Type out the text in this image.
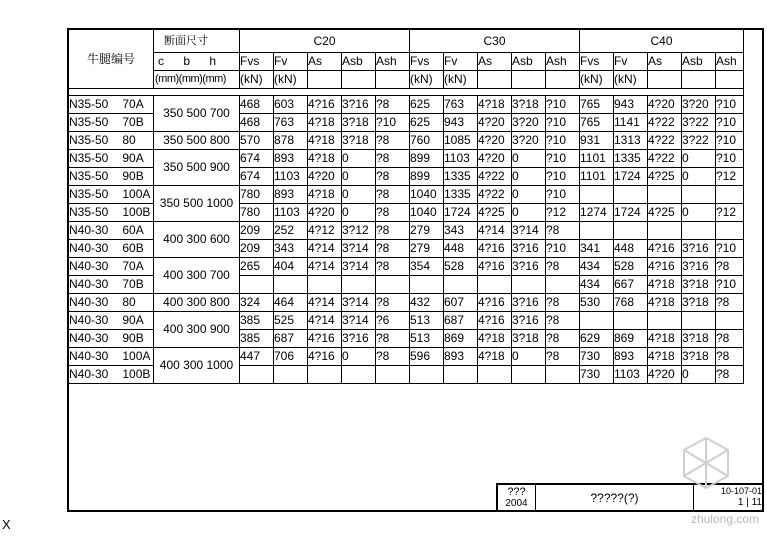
牛腿编号	断面尺寸	C20					C30					C40				
	c b h	Fvs	Fv	As	Asb	Ash	Fvs	Fv	As	Asb	Ash	Fvs	Fv	As	Asb	Ash
	(mm)(mm)(mm)	(kN)	(kN)				(kN)	(kN)				(kN)	(kN)			

N35-50 70A	350 500 700	468	603	4?16	3?16	?8	625	763	4?18	3?18	?10	765	943	4?20	3?20	?10
N35-50 70B		468	763	4?18	3?18	?10	625	943	4?20	3?20	?10	765	1141	4?22	3?22	?10
N35-50 80	350 500 800	570	878	4?18	3?18	?8	760	1085	4?20	3?20	?10	931	1313	4?22	3?22	?10
N35-50 90A	350 500 900	674	893	4?18	0	?8	899	1103	4?20	0	?10	1101	1335	4?22	0	?10
N35-50 90B		674	1103	4?20	0	?8	899	1335	4?22	0	?10	1101	1724	4?25	0	?12
N35-50 100A	350 500 1000	780	893	4?18	0	?8	1040	1335	4?22	0	?10					
N35-50 100B		780	1103	4?20	0	?8	1040	1724	4?25	0	?12	1274	1724	4?25	0	?12
N40-30 60A	400 300 600	209	252	4?12	3?12	?8	279	343	4?14	3?14	?8					
N40-30 60B		209	343	4?14	3?14	?8	279	448	4?16	3?16	?10	341	448	4?16	3?16	?10
N40-30 70A	400 300 700	265	404	4?14	3?14	?8	354	528	4?16	3?16	?8	434	528	4?16	3?16	?8
N40-30 70B												434	667	4?18	3?18	?10
N40-30 80	400 300 800	324	464	4?14	3?14	?8	432	607	4?16	3?16	?8	530	768	4?18	3?18	?8
N40-30 90A	400 300 900	385	525	4?14	3?14	?6	513	687	4?16	3?16	?8					
N40-30 90B		385	687	4?16	3?16	?8	513	869	4?18	3?18	?8	629	869	4?18	3?18	?8
N40-30 100A	400 300 1000	447	706	4?16	0	?8	596	893	4?18	0	?8	730	893	4?18	3?18	?8
N40-30 100B												730	1103	4?20	0	?8

???
2004	?????(?)	10-107-01
1 | 11
zhulong.com
X
